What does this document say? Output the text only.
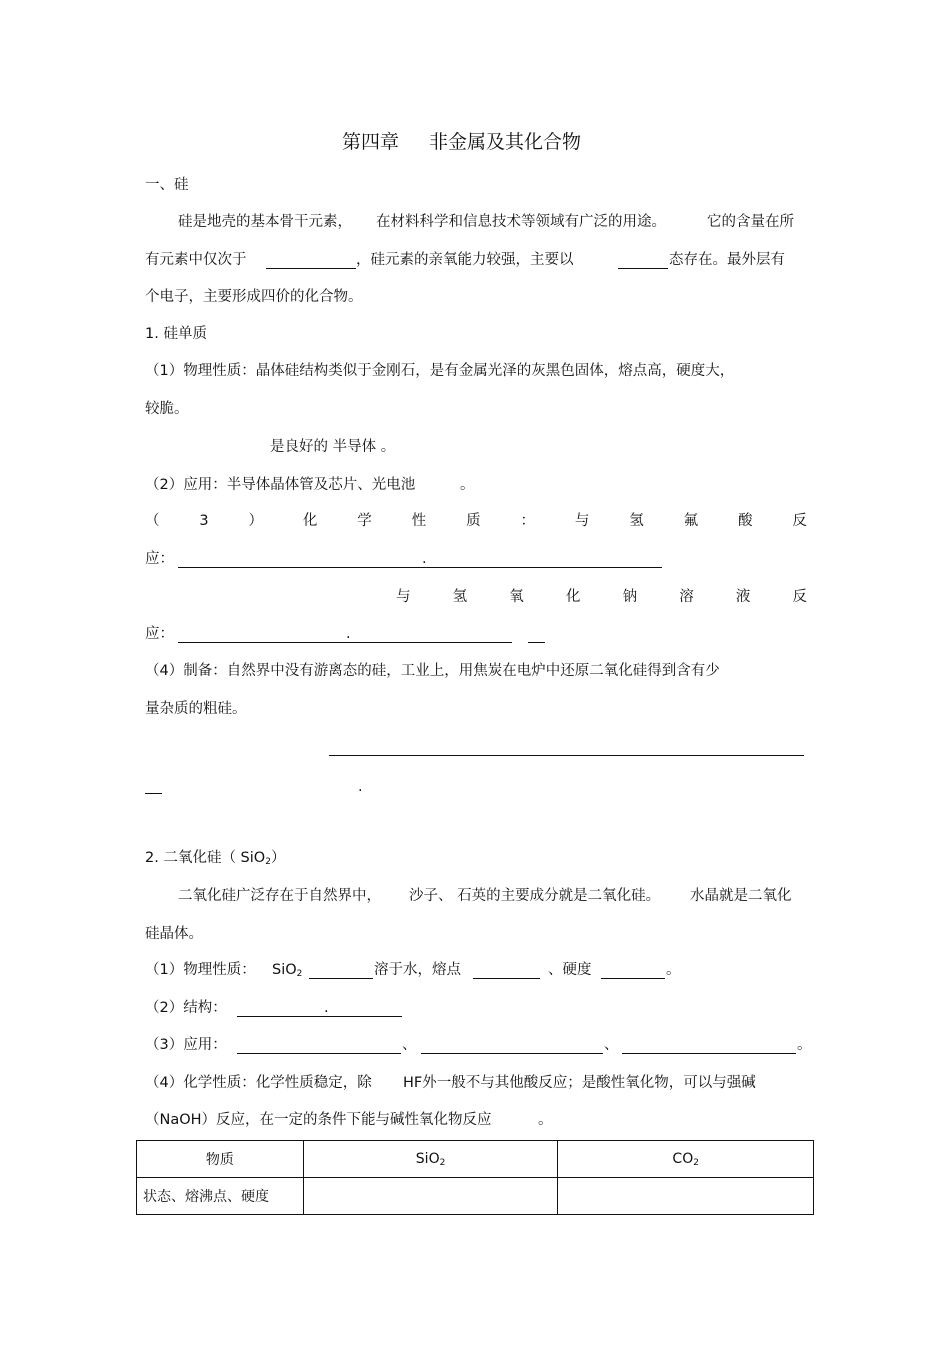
第四章 非金属及其化合物
一、硅
硅是地壳的基本骨干元素， 在材料科学和信息技术等领域有广泛的用途。	它的含量在所
有元素中仅次于	，硅元素的亲氧能力较强，主要以	态存在。最外层有
个电子，主要形成四价的化合物。
1. 硅单质
（1）物理性质：晶体硅结构类似于金刚石，是有金属光泽的灰黑色固体，熔点高，硬度大，
较脆。
是良好的 半导体 。
（2）应用：半导体晶体管及芯片、光电池	。
（	3	）	化	学	性	质	：	与	氢	氟	酸	反
应：	.
与	氢	氧	化	钠	溶	液	反
应：	.
（4）制备：自然界中没有游离态的硅，工业上，用焦炭在电炉中还原二氧化硅得到含有少
量杂质的粗硅。
.
2. 二氧化硅（ SiO$_2$）
二氧化硅广泛存在于自然界中， 沙子、 石英的主要成分就是二氧化硅。 水晶就是二氧化
硅晶体。
（1）物理性质： SiO$_2$	溶于水，熔点	、硬度	。
（2）结构：	.
（3）应用：	、	、	。
（4）化学性质：化学性质稳定，除 HF外一般不与其他酸反应；是酸性氧化物，可以与强碱
（NaOH）反应，在一定的条件下能与碱性氧化物反应	。
物质	SiO$_2$	$CO_2$
状态、熔沸点、硬度		
